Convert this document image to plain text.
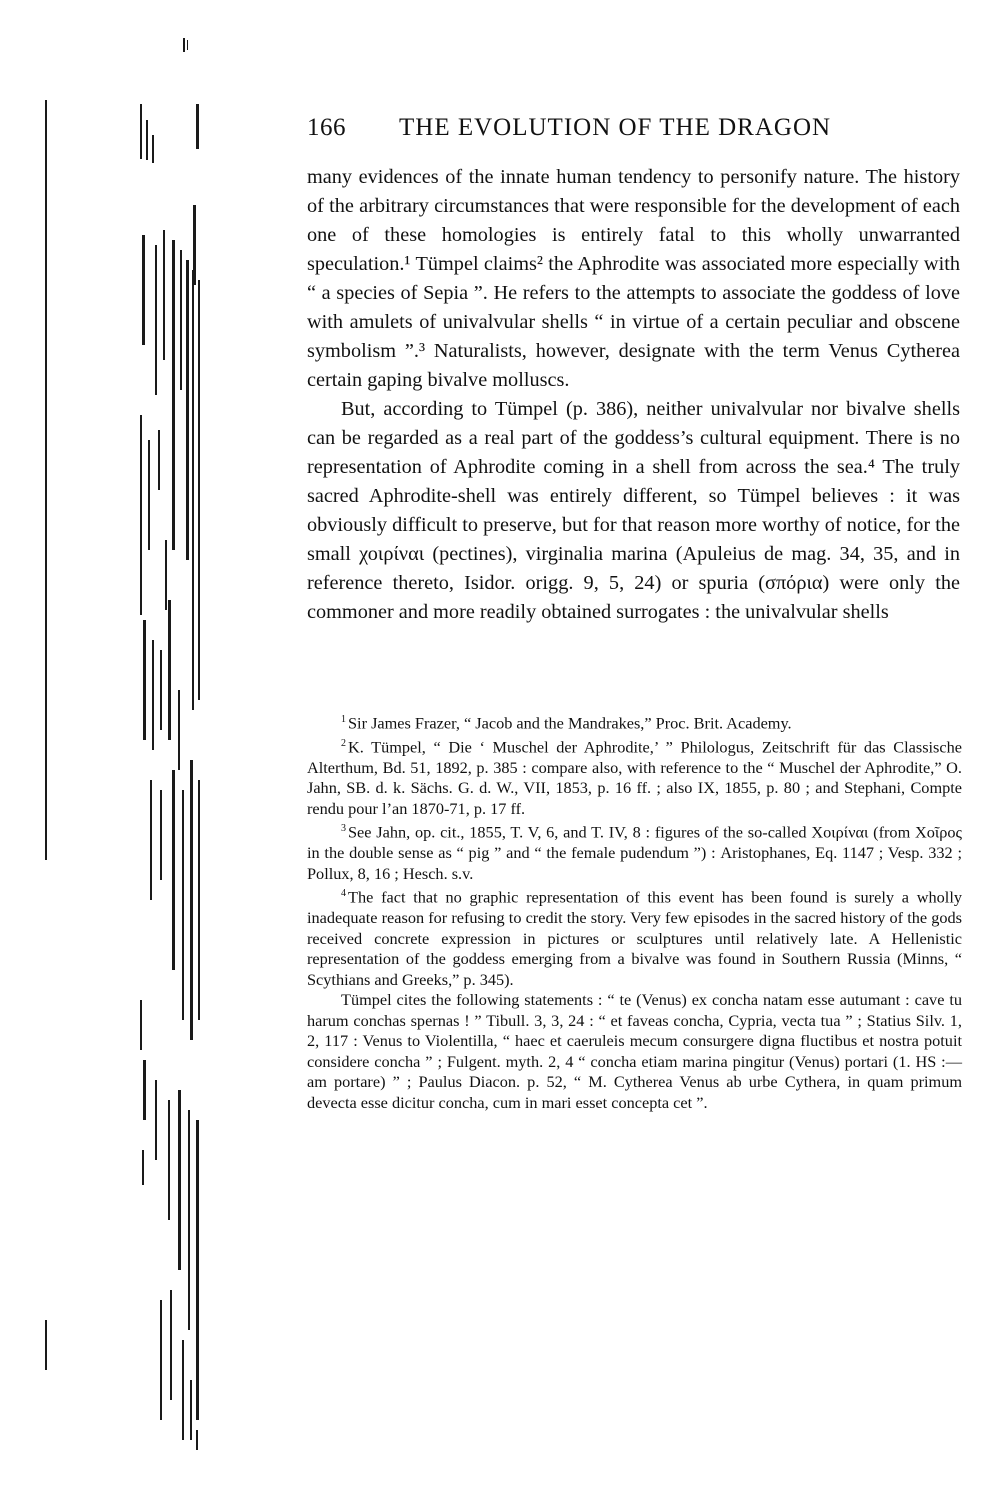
166 THE EVOLUTION OF THE DRAGON

many evidences of the innate human tendency to personify nature. The history of the arbitrary circumstances that were responsible for the development of each one of these homologies is entirely fatal to this wholly unwarranted speculation.¹ Tümpel claims² the Aphrodite was associated more especially with “ a species of Sepia ”. He refers to the attempts to associate the goddess of love with amulets of univalvular shells “ in virtue of a certain peculiar and obscene symbolism ”.³ Naturalists, however, designate with the term Venus Cytherea certain gaping bivalve molluscs.

But, according to Tümpel (p. 386), neither univalvular nor bivalve shells can be regarded as a real part of the goddess’s cultural equipment. There is no representation of Aphrodite coming in a shell from across the sea.⁴ The truly sacred Aphrodite-shell was entirely different, so Tümpel believes : it was obviously difficult to preserve, but for that reason more worthy of notice, for the small χοιρίναι (pectines), virginalia marina (Apuleius de mag. 34, 35, and in reference thereto, Isidor. origg. 9, 5, 24) or spuria (σπόρια) were only the commoner and more readily obtained surrogates : the univalvular shells

$^1$ Sir James Frazer, “ Jacob and the Mandrakes,” Proc. Brit. Academy.

$^2$ K. Tümpel, “ Die ‘ Muschel der Aphrodite,’ ” Philologus, Zeitschrift für das Classische Alterthum, Bd. 51, 1892, p. 385 : compare also, with reference to the “ Muschel der Aphrodite,” O. Jahn, SB. d. k. Sächs. G. d. W., VII, 1853, p. 16 ff. ; also IX, 1855, p. 80 ; and Stephani, Compte rendu pour l’an 1870-71, p. 17 ff.

$^3$ See Jahn, op. cit., 1855, T. V, 6, and T. IV, 8 : figures of the so-called Χοιρίναι (from Χοῖρος in the double sense as “ pig ” and “ the female pudendum ”) : Aristophanes, Eq. 1147 ; Vesp. 332 ; Pollux, 8, 16 ; Hesch. s.v.

$^4$ The fact that no graphic representation of this event has been found is surely a wholly inadequate reason for refusing to credit the story. Very few episodes in the sacred history of the gods received concrete expression in pictures or sculptures until relatively late. A Hellenistic representation of the goddess emerging from a bivalve was found in Southern Russia (Minns, “ Scythians and Greeks,” p. 345).

Tümpel cites the following statements : “ te (Venus) ex concha natam esse autumant : cave tu harum conchas spernas ! ” Tibull. 3, 3, 24 : “ et faveas concha, Cypria, vecta tua ” ; Statius Silv. 1, 2, 117 : Venus to Violentilla, “ haec et caeruleis mecum consurgere digna fluctibus et nostra potuit considere concha ” ; Fulgent. myth. 2, 4 “ concha etiam marina pingitur (Venus) portari (1. HS :—am portare) ” ; Paulus Diacon. p. 52, “ M. Cytherea Venus ab urbe Cythera, in quam primum devecta esse dicitur concha, cum in mari esset concepta cet ”.
